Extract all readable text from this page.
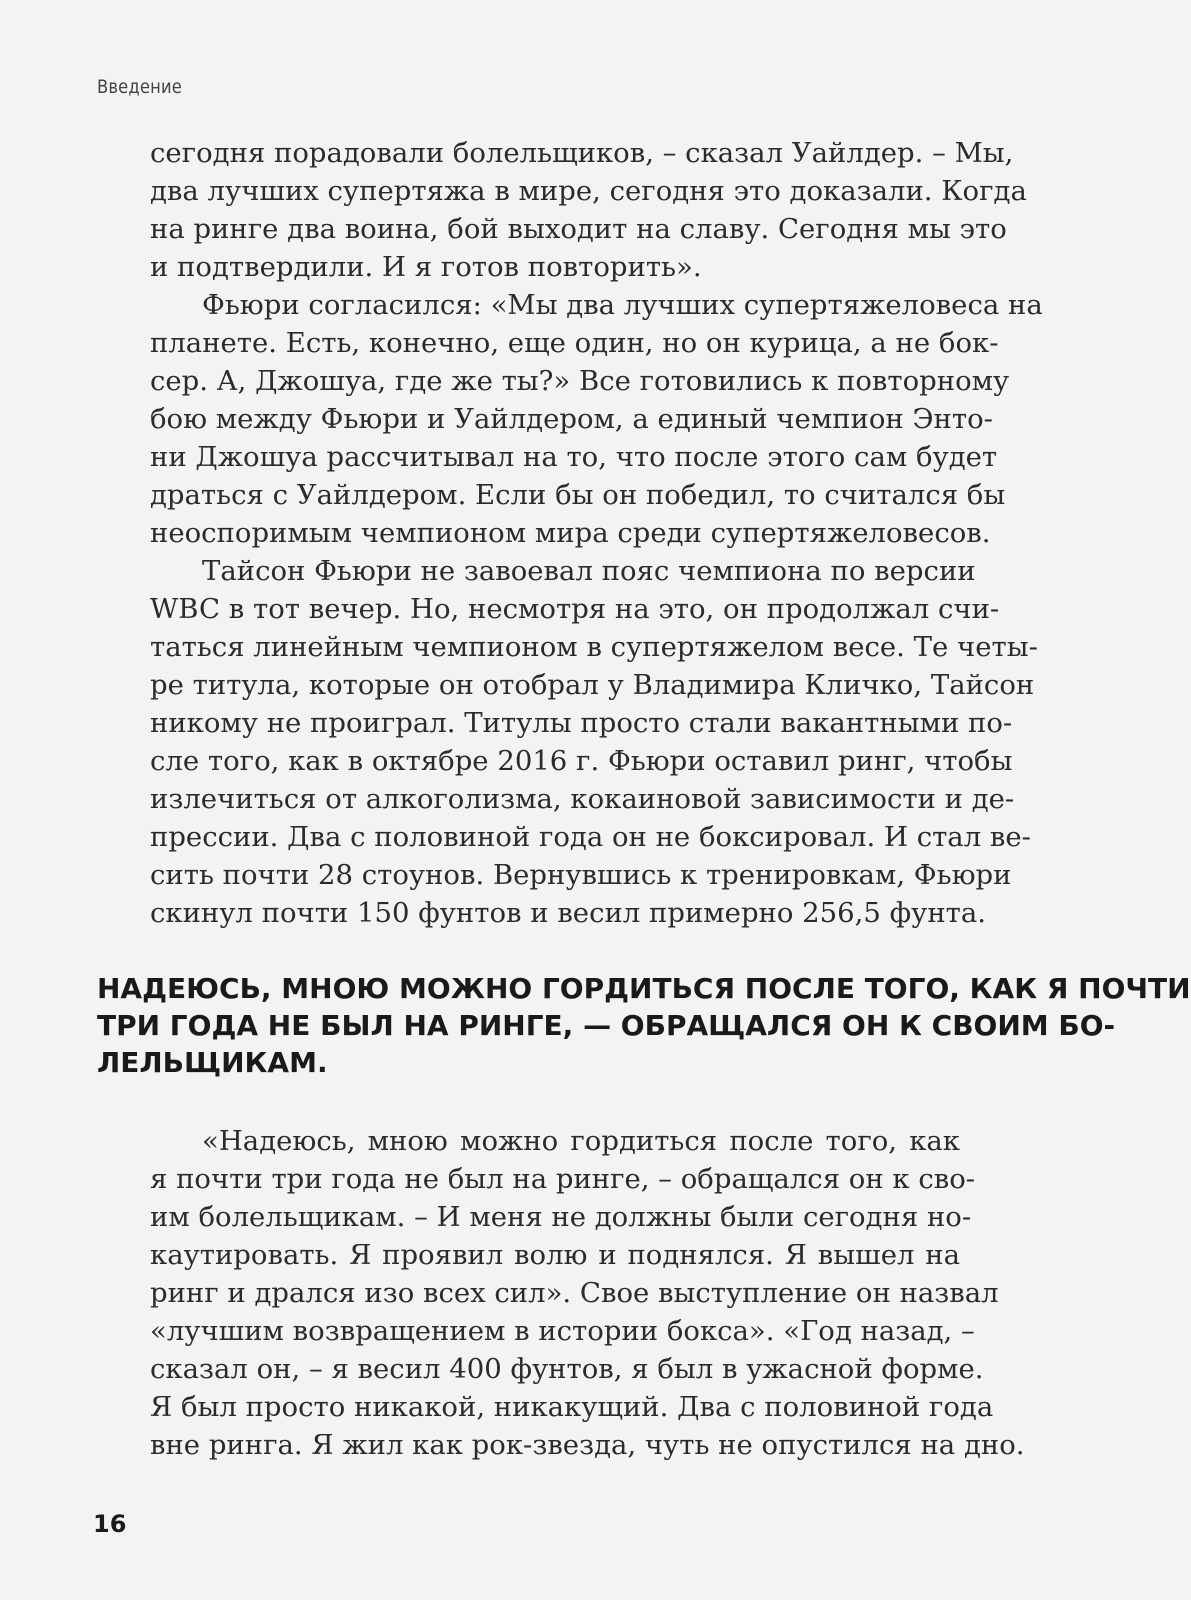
Введение
сегодня порадовали болельщиков, – сказал Уайлдер. – Мы,
два лучших супертяжа в мире, сегодня это доказали. Когда
на ринге два воина, бой выходит на славу. Сегодня мы это
и подтвердили. И я готов повторить».
Фьюри согласился: «Мы два лучших супертяжеловеса на
планете. Есть, конечно, еще один, но он курица, а не бок-
сер. А, Джошуа, где же ты?» Все готовились к повторному
бою между Фьюри и Уайлдером, а единый чемпион Энто-
ни Джошуа рассчитывал на то, что после этого сам будет
драться с Уайлдером. Если бы он победил, то считался бы
неоспоримым чемпионом мира среди супертяжеловесов.
Тайсон Фьюри не завоевал пояс чемпиона по версии
WBC в тот вечер. Но, несмотря на это, он продолжал счи-
таться линейным чемпионом в супертяжелом весе. Те четы-
ре титула, которые он отобрал у Владимира Кличко, Тайсон
никому не проиграл. Титулы просто стали вакантными по-
сле того, как в октябре 2016 г. Фьюри оставил ринг, чтобы
излечиться от алкоголизма, кокаиновой зависимости и де-
прессии. Два с половиной года он не боксировал. И стал ве-
сить почти 28 стоунов. Вернувшись к тренировкам, Фьюри
скинул почти 150 фунтов и весил примерно 256,5 фунта.
НАДЕЮСЬ, МНОЮ МОЖНО ГОРДИТЬСЯ ПОСЛЕ ТОГО, КАК Я ПОЧТИ
ТРИ ГОДА НЕ БЫЛ НА РИНГЕ, — ОБРАЩАЛСЯ ОН К СВОИМ БО-
ЛЕЛЬЩИКАМ.
«Надеюсь, мною можно гордиться после того, как
я почти три года не был на ринге, – обращался он к сво-
им болельщикам. – И меня не должны были сегодня но-
каутировать. Я проявил волю и поднялся. Я вышел на
ринг и дрался изо всех сил». Свое выступление он назвал
«лучшим возвращением в истории бокса». «Год назад, –
сказал он, – я весил 400 фунтов, я был в ужасной форме.
Я был просто никакой, никакущий. Два с половиной года
вне ринга. Я жил как рок-звезда, чуть не опустился на дно.
16
